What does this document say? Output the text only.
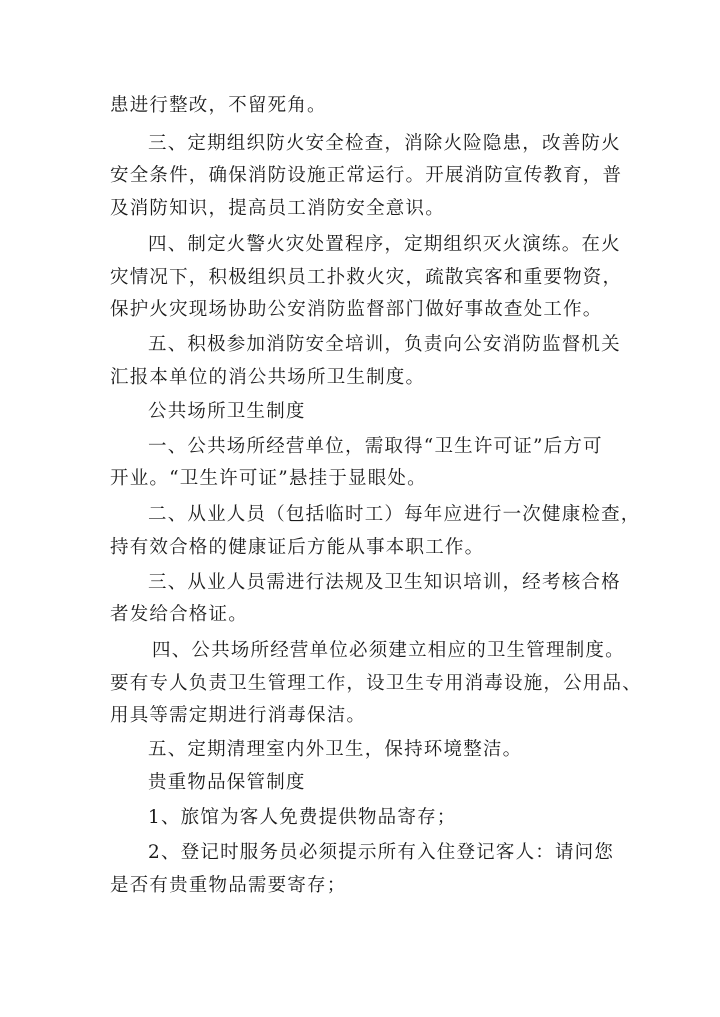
患进行整改，不留死角。
三、定期组织防火安全检查，消除火险隐患，改善防火
安全条件，确保消防设施正常运行。开展消防宣传教育，普
及消防知识，提高员工消防安全意识。
四、制定火警火灾处置程序，定期组织灭火演练。在火
灾情况下，积极组织员工扑救火灾，疏散宾客和重要物资，
保护火灾现场协助公安消防监督部门做好事故查处工作。
五、积极参加消防安全培训，负责向公安消防监督机关
汇报本单位的消公共场所卫生制度。
公共场所卫生制度
一、公共场所经营单位，需取得“卫生许可证”后方可
开业。“卫生许可证”悬挂于显眼处。
二、从业人员（包括临时工）每年应进行一次健康检查，
持有效合格的健康证后方能从事本职工作。
三、从业人员需进行法规及卫生知识培训，经考核合格
者发给合格证。
四、公共场所经营单位必须建立相应的卫生管理制度。
要有专人负责卫生管理工作，设卫生专用消毒设施，公用品、
用具等需定期进行消毒保洁。
五、定期清理室内外卫生，保持环境整洁。
贵重物品保管制度
1、旅馆为客人免费提供物品寄存；
2、登记时服务员必须提示所有入住登记客人：请问您
是否有贵重物品需要寄存；
